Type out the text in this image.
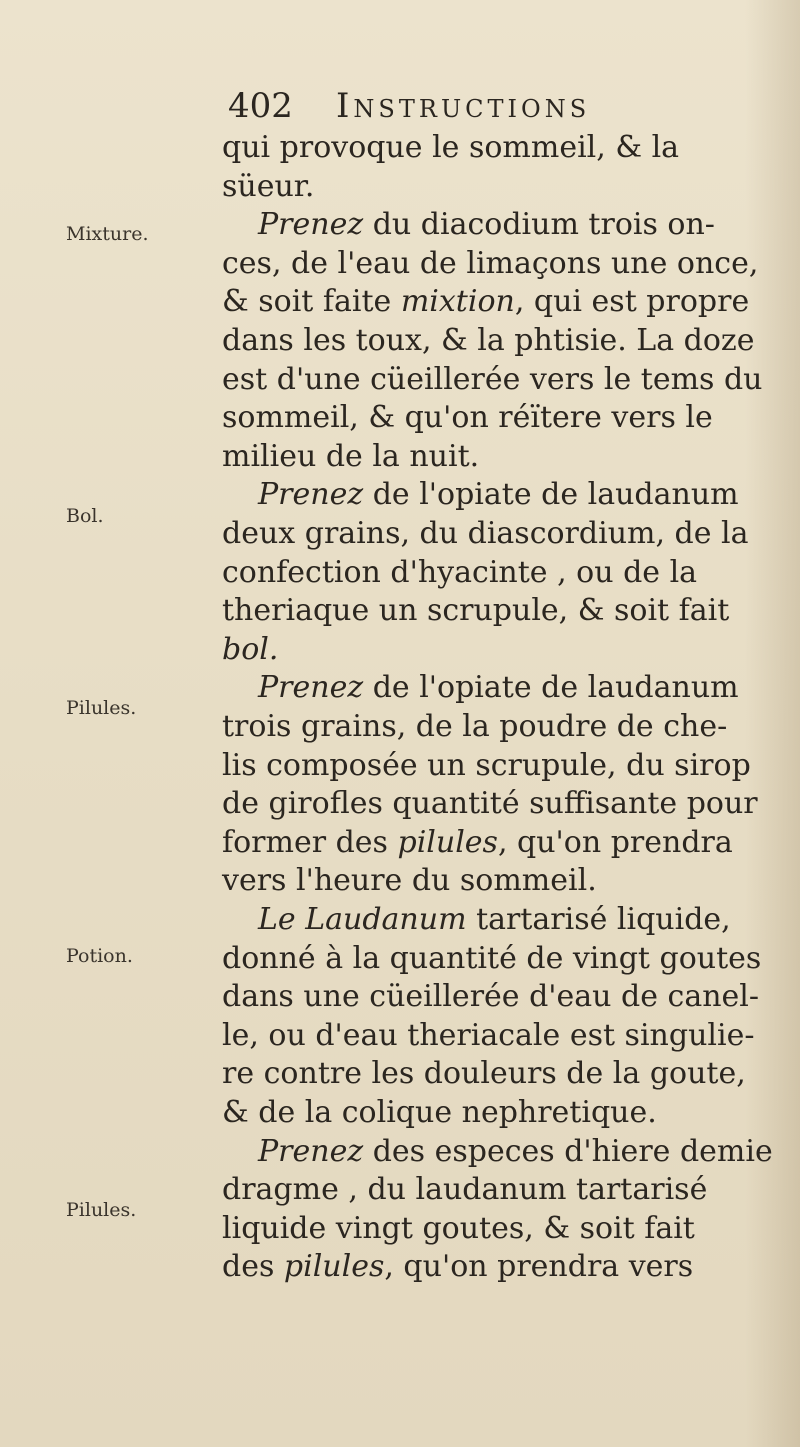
402 Instructions
Mixture.
Bol.
Pilules.
Potion.
Pilules.
qui provoque le sommeil, & la
süeur.
Prenez du diacodium trois on-
ces, de l'eau de limaçons une once,
& soit faite mixtion, qui est propre
dans les toux, & la phtisie. La doze
est d'une cüeillerée vers le tems du
sommeil, & qu'on réïtere vers le
milieu de la nuit.
Prenez de l'opiate de laudanum
deux grains, du diascordium, de la
confection d'hyacinte , ou de la
theriaque un scrupule, & soit fait
bol.
Prenez de l'opiate de laudanum
trois grains, de la poudre de che-
lis composée un scrupule, du sirop
de girofles quantité suffisante pour
former des pilules, qu'on prendra
vers l'heure du sommeil.
Le Laudanum tartarisé liquide,
donné à la quantité de vingt goutes
dans une cüeillerée d'eau de canel-
le, ou d'eau theriacale est singulie-
re contre les douleurs de la goute,
& de la colique nephretique.
Prenez des especes d'hiere demie
dragme , du laudanum tartarisé
liquide vingt goutes, & soit fait
des pilules, qu'on prendra vers
